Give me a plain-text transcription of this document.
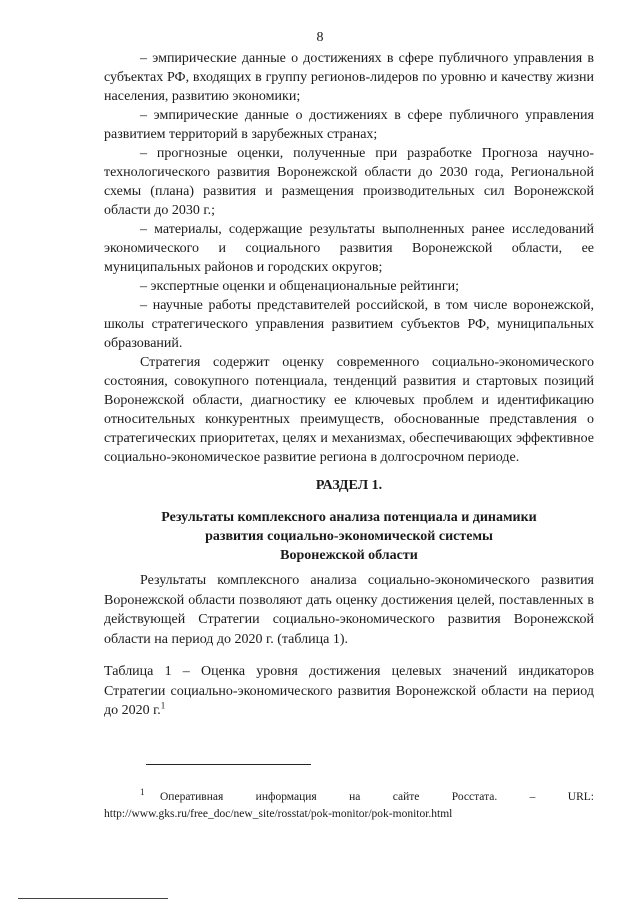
8

– эмпирические данные о достижениях в сфере публичного управления в субъектах РФ, входящих в группу регионов-лидеров по уровню и качеству жизни населения, развитию экономики;

– эмпирические данные о достижениях в сфере публичного управления развитием территорий в зарубежных странах;

– прогнозные оценки, полученные при разработке Прогноза научно-технологического развития Воронежской области до 2030 года, Региональной схемы (плана) развития и размещения производительных сил Воронежской области до 2030 г.;

– материалы, содержащие результаты выполненных ранее исследований экономического и социального развития Воронежской области, ее муниципальных районов и городских округов;

– экспертные оценки и общенациональные рейтинги;

– научные работы представителей российской, в том числе воронежской, школы стратегического управления развитием субъектов РФ, муниципальных образований.

Стратегия содержит оценку современного социально-экономического состояния, совокупного потенциала, тенденций развития и стартовых позиций Воронежской области, диагностику ее ключевых проблем и идентификацию относительных конкурентных преимуществ, обоснованные представления о стратегических приоритетах, целях и механизмах, обеспечивающих эффективное социально-экономическое развитие региона в долгосрочном периоде.

РАЗДЕЛ 1.
Результаты комплексного анализа потенциала и динамики
развития социально-экономической системы
Воронежской области

Результаты комплексного анализа социально-экономического развития Воронежской области позволяют дать оценку достижения целей, поставленных в действующей Стратегии социально-экономического развития Воронежской области на период до 2020 г. (таблица 1).

Таблица 1 – Оценка уровня достижения целевых значений индикаторов Стратегии социально-экономического развития Воронежской области на период до 2020 г.$^1$

$^1$ Оперативная информация на сайте Росстата. – URL: http://www.gks.ru/free_doc/new_site/rosstat/pok-monitor/pok-monitor.html
